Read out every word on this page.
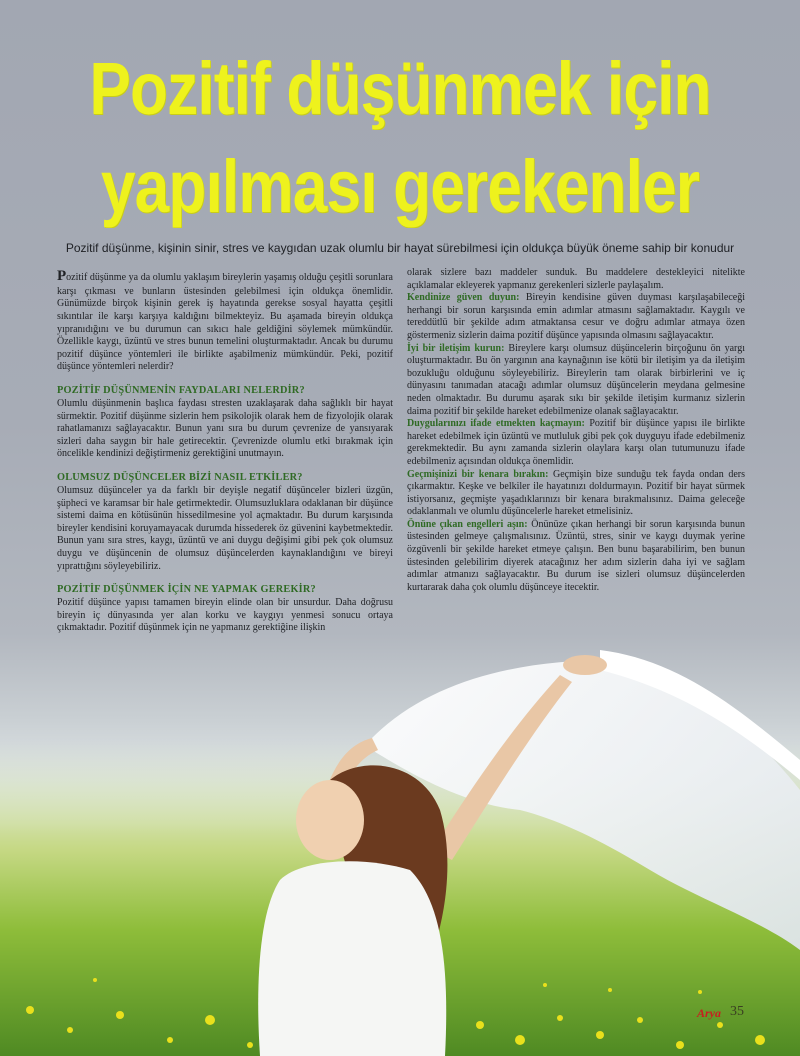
Pozitif düşünmek için
yapılması gerekenler

Pozitif düşünme, kişinin sinir, stres ve kaygıdan uzak olumlu bir hayat sürebilmesi için oldukça büyük öneme sahip bir konudur

Pozitif düşünme ya da olumlu yaklaşım bireylerin yaşamış olduğu çeşitli sorunlara karşı çıkması ve bunların üstesinden gelebilmesi için oldukça önemlidir. Günümüzde birçok kişinin gerek iş hayatında gerekse sosyal hayatta çeşitli sıkıntılar ile karşı karşıya kaldığını bilmekteyiz. Bu aşamada bireyin oldukça yıpranıdığını ve bu durumun can sıkıcı hale geldiğini söylemek mümkündür. Özellikle kaygı, üzüntü ve stres bunun temelini oluşturmaktadır. Ancak bu durumu pozitif düşünce yöntemleri ile birlikte aşabilmeniz mümkündür. Peki, pozitif düşünce yöntemleri nelerdir?

POZİTİF DÜŞÜNMENİN FAYDALARI NELERDİR?

Olumlu düşünmenin başlıca faydası stresten uzaklaşarak daha sağlıklı bir hayat sürmektir. Pozitif düşünme sizlerin hem psikolojik olarak hem de fizyolojik olarak rahatlamanızı sağlayacaktır. Bunun yanı sıra bu durum çevrenize de yansıyarak sizleri daha saygın bir hale getirecektir. Çevrenizde olumlu etki bırakmak için öncelikle kendinizi değiştirmeniz gerektiğini unutmayın.

OLUMSUZ DÜŞÜNCELER BİZİ NASIL ETKİLER?

Olumsuz düşünceler ya da farklı bir deyişle negatif düşünceler bizleri üzgün, şüpheci ve karamsar bir hale getirmektedir. Olumsuzluklara odaklanan bir düşünce sistemi daima en kötüsünün hissedilmesine yol açmaktadır. Bu durum karşısında bireyler kendisini koruyamayacak durumda hissederek öz güvenini kaybetmektedir. Bunun yanı sıra stres, kaygı, üzüntü ve ani duygu değişimi gibi pek çok olumsuz duygu ve düşüncenin de olumsuz düşüncelerden kaynaklandığını ve bireyi yıprattığını söyleyebiliriz.

POZİTİF DÜŞÜNMEK İÇİN NE YAPMAK GEREKİR?

Pozitif düşünce yapısı tamamen bireyin elinde olan bir unsurdur. Daha doğrusu bireyin iç dünyasında yer alan korku ve kaygıyı yenmesi sonucu ortaya çıkmaktadır. Pozitif düşünmek için ne yapmanız gerektiğine ilişkin

olarak sizlere bazı maddeler sunduk. Bu maddelere destekleyici nitelikte açıklamalar ekleyerek yapmanız gerekenleri sizlerle paylaşalım.

Kendinize güven duyun: Bireyin kendisine güven duyması karşılaşabileceği herhangi bir sorun karşısında emin adımlar atmasını sağlamaktadır. Kaygılı ve tereddütlü bir şekilde adım atmaktansa cesur ve doğru adımlar atmaya özen göstermeniz sizlerin daima pozitif düşünce yapısında olmasını sağlayacaktır.

İyi bir iletişim kurun: Bireylere karşı olumsuz düşüncelerin birçoğunu ön yargı oluşturmaktadır. Bu ön yargının ana kaynağının ise kötü bir iletişim ya da iletişim bozukluğu olduğunu söyleyebiliriz. Bireylerin tam olarak birbirlerini ve iç dünyasını tanımadan atacağı adımlar olumsuz düşüncelerin meydana gelmesine neden olmaktadır. Bu durumu aşarak sıkı bir şekilde iletişim kurmanız sizlerin daima pozitif bir şekilde hareket edebilmenize olanak sağlayacaktır.

Duygularınızı ifade etmekten kaçmayın: Pozitif bir düşünce yapısı ile birlikte hareket edebilmek için üzüntü ve mutluluk gibi pek çok duyguyu ifade edebilmeniz gerekmektedir. Bu aynı zamanda sizlerin olaylara karşı olan tutumunuzu ifade edebilmeniz açısından oldukça önemlidir.

Geçmişinizi bir kenara bırakın: Geçmişin bize sunduğu tek fayda ondan ders çıkarmaktır. Keşke ve belkiler ile hayatınızı doldurmayın. Pozitif bir hayat sürmek istiyorsanız, geçmişte yaşadıklarınızı bir kenara bırakmalısınız. Daima geleceğe odaklanmalı ve olumlu düşüncelerle hareket etmelisiniz.

Önüne çıkan engelleri aşın: Önünüze çıkan herhangi bir sorun karşısında bunun üstesinden gelmeye çalışmalısınız. Üzüntü, stres, sinir ve kaygı duymak yerine özgüvenli bir şekilde hareket etmeye çalışın. Ben bunu başarabilirim, ben bunun üstesinden gelebilirim diyerek atacağınız her adım sizlerin daha iyi ve sağlam adımlar atmanızı sağlayacaktır. Bu durum ise sizleri olumsuz düşüncelerden kurtararak daha çok olumlu düşünceye itecektir.

Arya 35
